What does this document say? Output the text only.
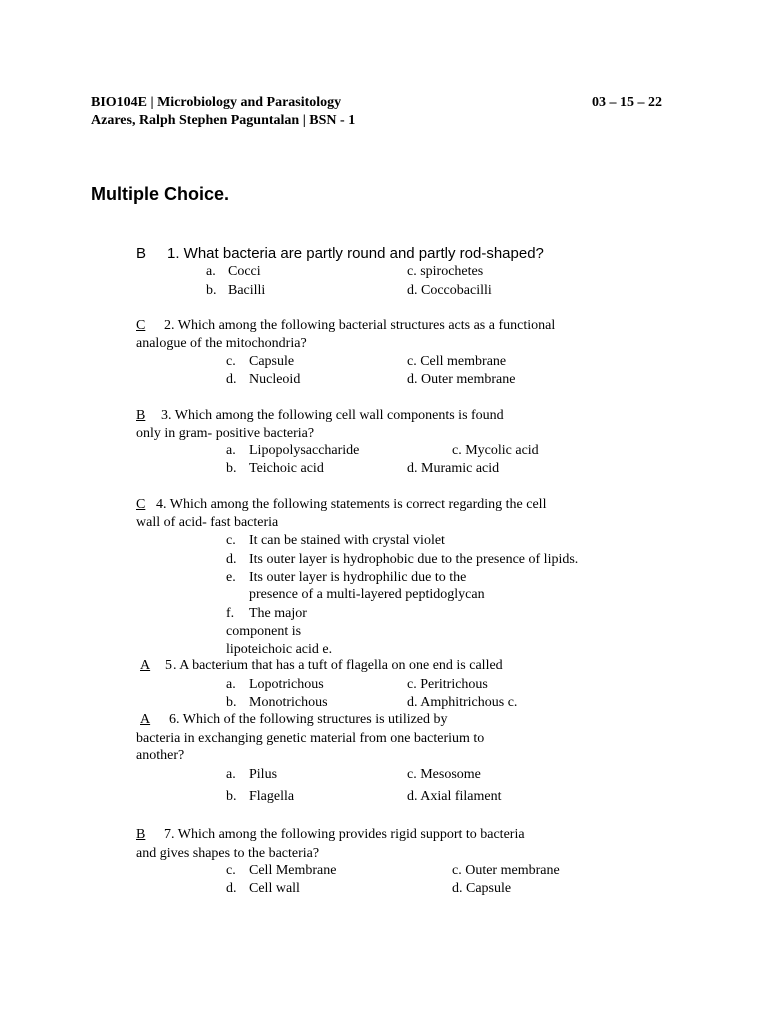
BIO104E | Microbiology and Parasitology	03 – 15 – 22
Azares, Ralph Stephen Paguntalan | BSN - 1
Multiple Choice.
B 1. What bacteria are partly round and partly rod-shaped?
a. Cocci
b. Bacilli
c. spirochetes
d. Coccobacilli
C	2. Which among the following bacterial structures acts as a functional
analogue of the mitochondria?
c. Capsule
d. Nucleoid
c. Cell membrane
d. Outer membrane
B	3. Which among the following cell wall components is found
only in gram- positive bacteria?
a. Lipopolysaccharide
b. Teichoic acid
c. Mycolic acid
d. Muramic acid
C 4. Which among the following statements is correct regarding the cell
wall of acid- fast bacteria
c. It can be stained with crystal violet
d. Its outer layer is hydrophobic due to the presence of lipids.
e. Its outer layer is hydrophilic due to the
presence of a multi-layered peptidoglycan
f. The major
component is
lipoteichoic acid e.
A	5 . A bacterium that has a tuft of flagella on one end is called
a. Lopotrichous
b. Monotrichous
c. Peritrichous
d. Amphitrichous c.
A	6. Which of the following structures is utilized by
bacteria in exchanging genetic material from one bacterium to
another?
a. Pilus
b. Flagella
c. Mesosome
d. Axial filament
B	7. Which among the following provides rigid support to bacteria
and gives shapes to the bacteria?
c. Cell Membrane
d. Cell wall
c. Outer membrane
d. Capsule
